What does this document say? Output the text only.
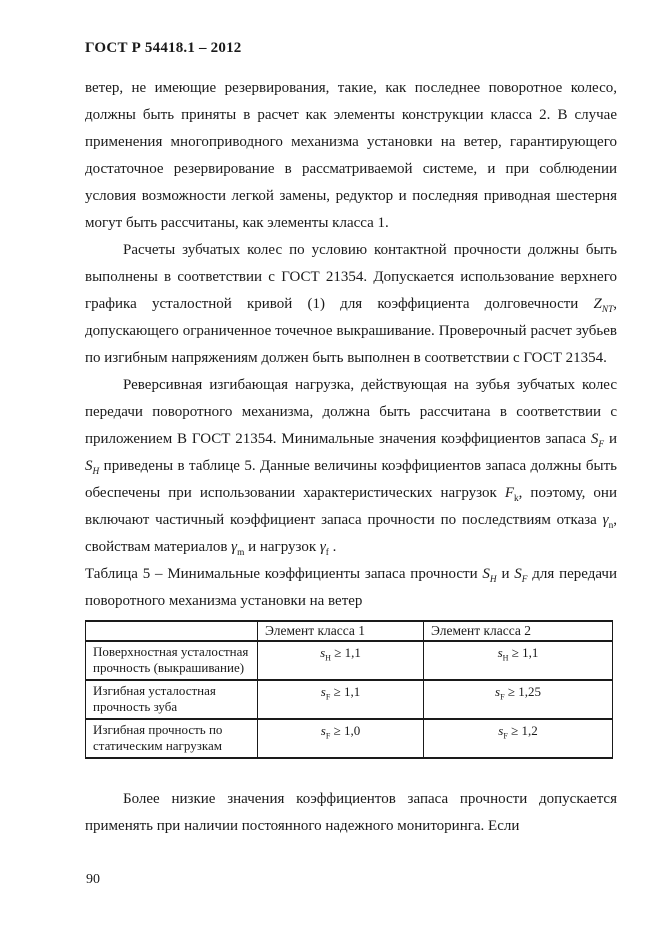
ГОСТ Р 54418.1 – 2012

ветер, не имеющие резервирования, такие, как последнее поворотное колесо, должны быть приняты в расчет как элементы конструкции класса 2. В случае применения многоприводного механизма установки на ветер, гарантирующего достаточное резервирование в рассматриваемой системе, и при соблюдении условия возможности легкой замены, редуктор и последняя приводная шестерня могут быть рассчитаны, как элементы класса 1.

Расчеты зубчатых колес по условию контактной прочности должны быть выполнены в соответствии с ГОСТ 21354. Допускается использование верхнего графика усталостной кривой (1) для коэффициента долговечности $Z_{NT}$, допускающего ограниченное точечное выкрашивание. Проверочный расчет зубьев по изгибным напряжениям должен быть выполнен в соответствии с ГОСТ 21354.

Реверсивная изгибающая нагрузка, действующая на зубья зубчатых колес передачи поворотного механизма, должна быть рассчитана в соответствии с приложением В ГОСТ 21354. Минимальные значения коэффициентов запаса $S_F$ и $S_H$ приведены в таблице 5. Данные величины коэффициентов запаса должны быть обеспечены при использовании характеристических нагрузок $F_k$, поэтому, они включают частичный коэффициент запаса прочности по последствиям отказа $\gamma_n$, свойствам материалов $\gamma_m$ и нагрузок $\gamma_f$ .

Таблица 5 – Минимальные коэффициенты запаса прочности $S_H$ и $S_F$ для передачи поворотного механизма установки на ветер

	Элемент класса 1	Элемент класса 2
Поверхностная усталостная прочность (выкрашивание)	$s_H \ge 1,1$	$s_H \ge 1,1$
Изгибная усталостная прочность зуба	$s_F \ge 1,1$	$s_F \ge 1,25$
Изгибная прочность по статическим нагрузкам	$s_F \ge 1,0$	$s_F \ge 1,2$

Более низкие значения коэффициентов запаса прочности допускается применять при наличии постоянного надежного мониторинга. Если

90
